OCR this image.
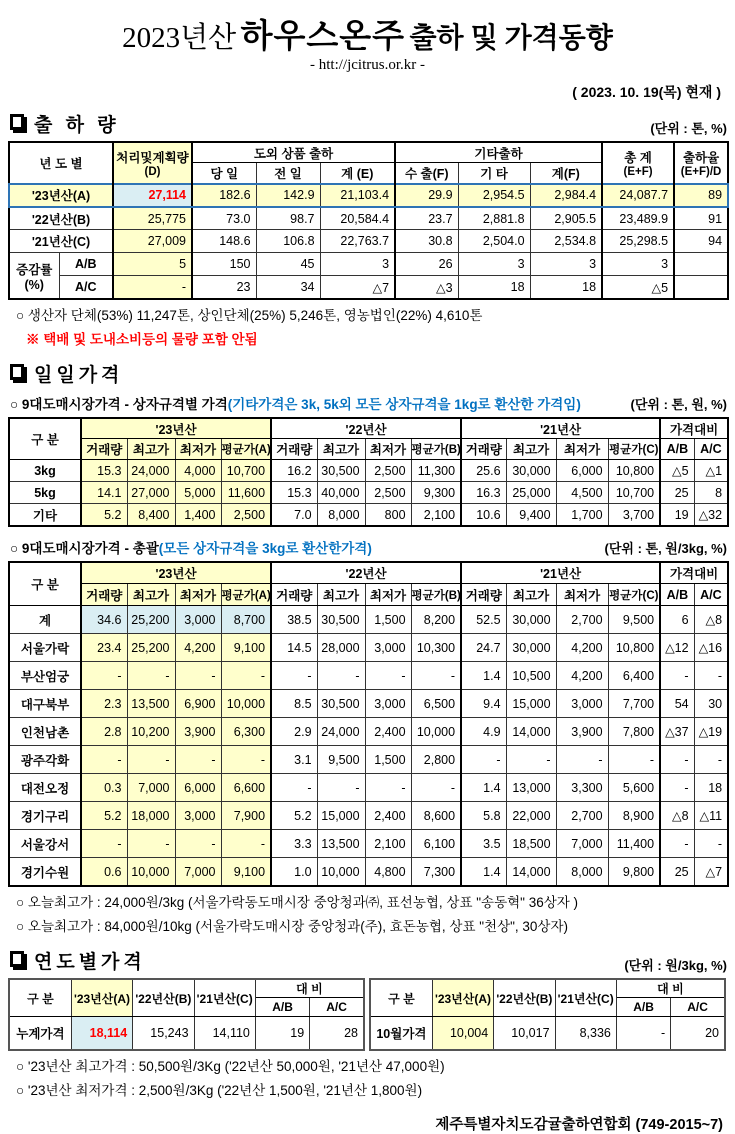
2023년산 하우스온주 출하 및 가격동향
- htt://jcitrus.or.kr -
( 2023. 10. 19(목) 현재 )
출 하 량	(단위 : 톤, %)
년 도 별	처리및계획량
(D)
	도외 상품 출하	기타출하	총 계
(E+F)

출하율
(E+F)/D

			당 일	전 일	계 (E)	수 출(F)	기 타	계(F)		
'23년산(A)		27,114	182.6	142.9	21,103.4	29.9	2,954.5	2,984.4	24,087.7	89
'22년산(B)		25,775	73.0	98.7	20,584.4	23.7	2,881.8	2,905.5	23,489.9	91
'21년산(C)		27,009	148.6	106.8	22,763.7	30.8	2,504.0	2,534.8	25,298.5	94

증감률
(%)	A/B	5	150	45	3	26	3	3	3	
	A/C	-	23	34	△7	△3	18	18	△5	
○ 생산자 단체(53%) 11,247톤, 상인단체(25%) 5,246톤, 영농법인(22%) 4,610톤
※ 택배 및 도내소비등의 물량 포함 안됨
일일가격
○ 9대도매시장가격 - 상자규격별 가격(기타가격은 3k, 5k외 모든 상자규격을 1kg로 환산한 가격임)	(단위 : 톤, 원, %)
구 분	'23년산				'22년산				'21년산				가격대비	
	거래량	최고가	최저가	평균가(A)	거래량	최고가	최저가	평균가(B)	거래량	최고가	최저가	평균가(C)	A/B	A/C
3kg	15.3	24,000	4,000	10,700	16.2	30,500	2,500	11,300	25.6	30,000	6,000	10,800	△5	△1
5kg	14.1	27,000	5,000	11,600	15.3	40,000	2,500	9,300	16.3	25,000	4,500	10,700	25	8
기타	5.2	8,400	1,400	2,500	7.0	8,000	800	2,100	10.6	9,400	1,700	3,700	19	△32
○ 9대도매시장가격 - 총괄(모든 상자규격을 3kg로 환산한가격)	(단위 : 톤, 원/3kg, %)
구 분	'23년산				'22년산				'21년산				가격대비	
	거래량	최고가	최저가	평균가(A)	거래량	최고가	최저가	평균가(B)	거래량	최고가	최저가	평균가(C)	A/B	A/C
계	34.6	25,200	3,000	8,700	38.5	30,500	1,500	8,200	52.5	30,000	2,700	9,500	6	△8
서울가락	23.4	25,200	4,200	9,100	14.5	28,000	3,000	10,300	24.7	30,000	4,200	10,800	△12	△16
부산엄궁	-	-	-	-	-	-	-	-	1.4	10,500	4,200	6,400	-	-
대구북부	2.3	13,500	6,900	10,000	8.5	30,500	3,000	6,500	9.4	15,000	3,000	7,700	54	30
인천남촌	2.8	10,200	3,900	6,300	2.9	24,000	2,400	10,000	4.9	14,000	3,900	7,800	△37	△19
광주각화	-	-	-	-	3.1	9,500	1,500	2,800	-	-	-	-	-	-
대전오정	0.3	7,000	6,000	6,600	-	-	-	-	1.4	13,000	3,300	5,600	-	18
경기구리	5.2	18,000	3,000	7,900	5.2	15,000	2,400	8,600	5.8	22,000	2,700	8,900	△8	△11
서울강서	-	-	-	-	3.3	13,500	2,100	6,100	3.5	18,500	7,000	11,400	-	-
경기수원	0.6	10,000	7,000	9,100	1.0	10,000	4,800	7,300	1.4	14,000	8,000	9,800	25	△7
○ 오늘최고가 : 24,000원/3kg (서울가락동도매시장 중앙청과㈜, 표선농협, 상표 "송동혁" 36상자 )
○ 오늘최고가 : 84,000원/10kg (서울가락도매시장 중앙청과(주), 효돈농협, 상표 "천상", 30상자)
연도별가격	(단위 : 원/3kg, %)
구 분	'23년산(A)	'22년산(B)	'21년산(C)	대 비	
				A/B	A/C
누계가격	18,114	15,243	14,110	19	28
구 분	'23년산(A)	'22년산(B)	'21년산(C)	대 비	
				A/B	A/C
10월가격	10,004	10,017	8,336	-	20
○ '23년산 최고가격 : 50,500원/3Kg ('22년산 50,000원, '21년산 47,000원)
○ '23년산 최저가격 : 2,500원/3Kg ('22년산 1,500원, '21년산 1,800원)
제주특별자치도감귤출하연합회 (749-2015~7)
